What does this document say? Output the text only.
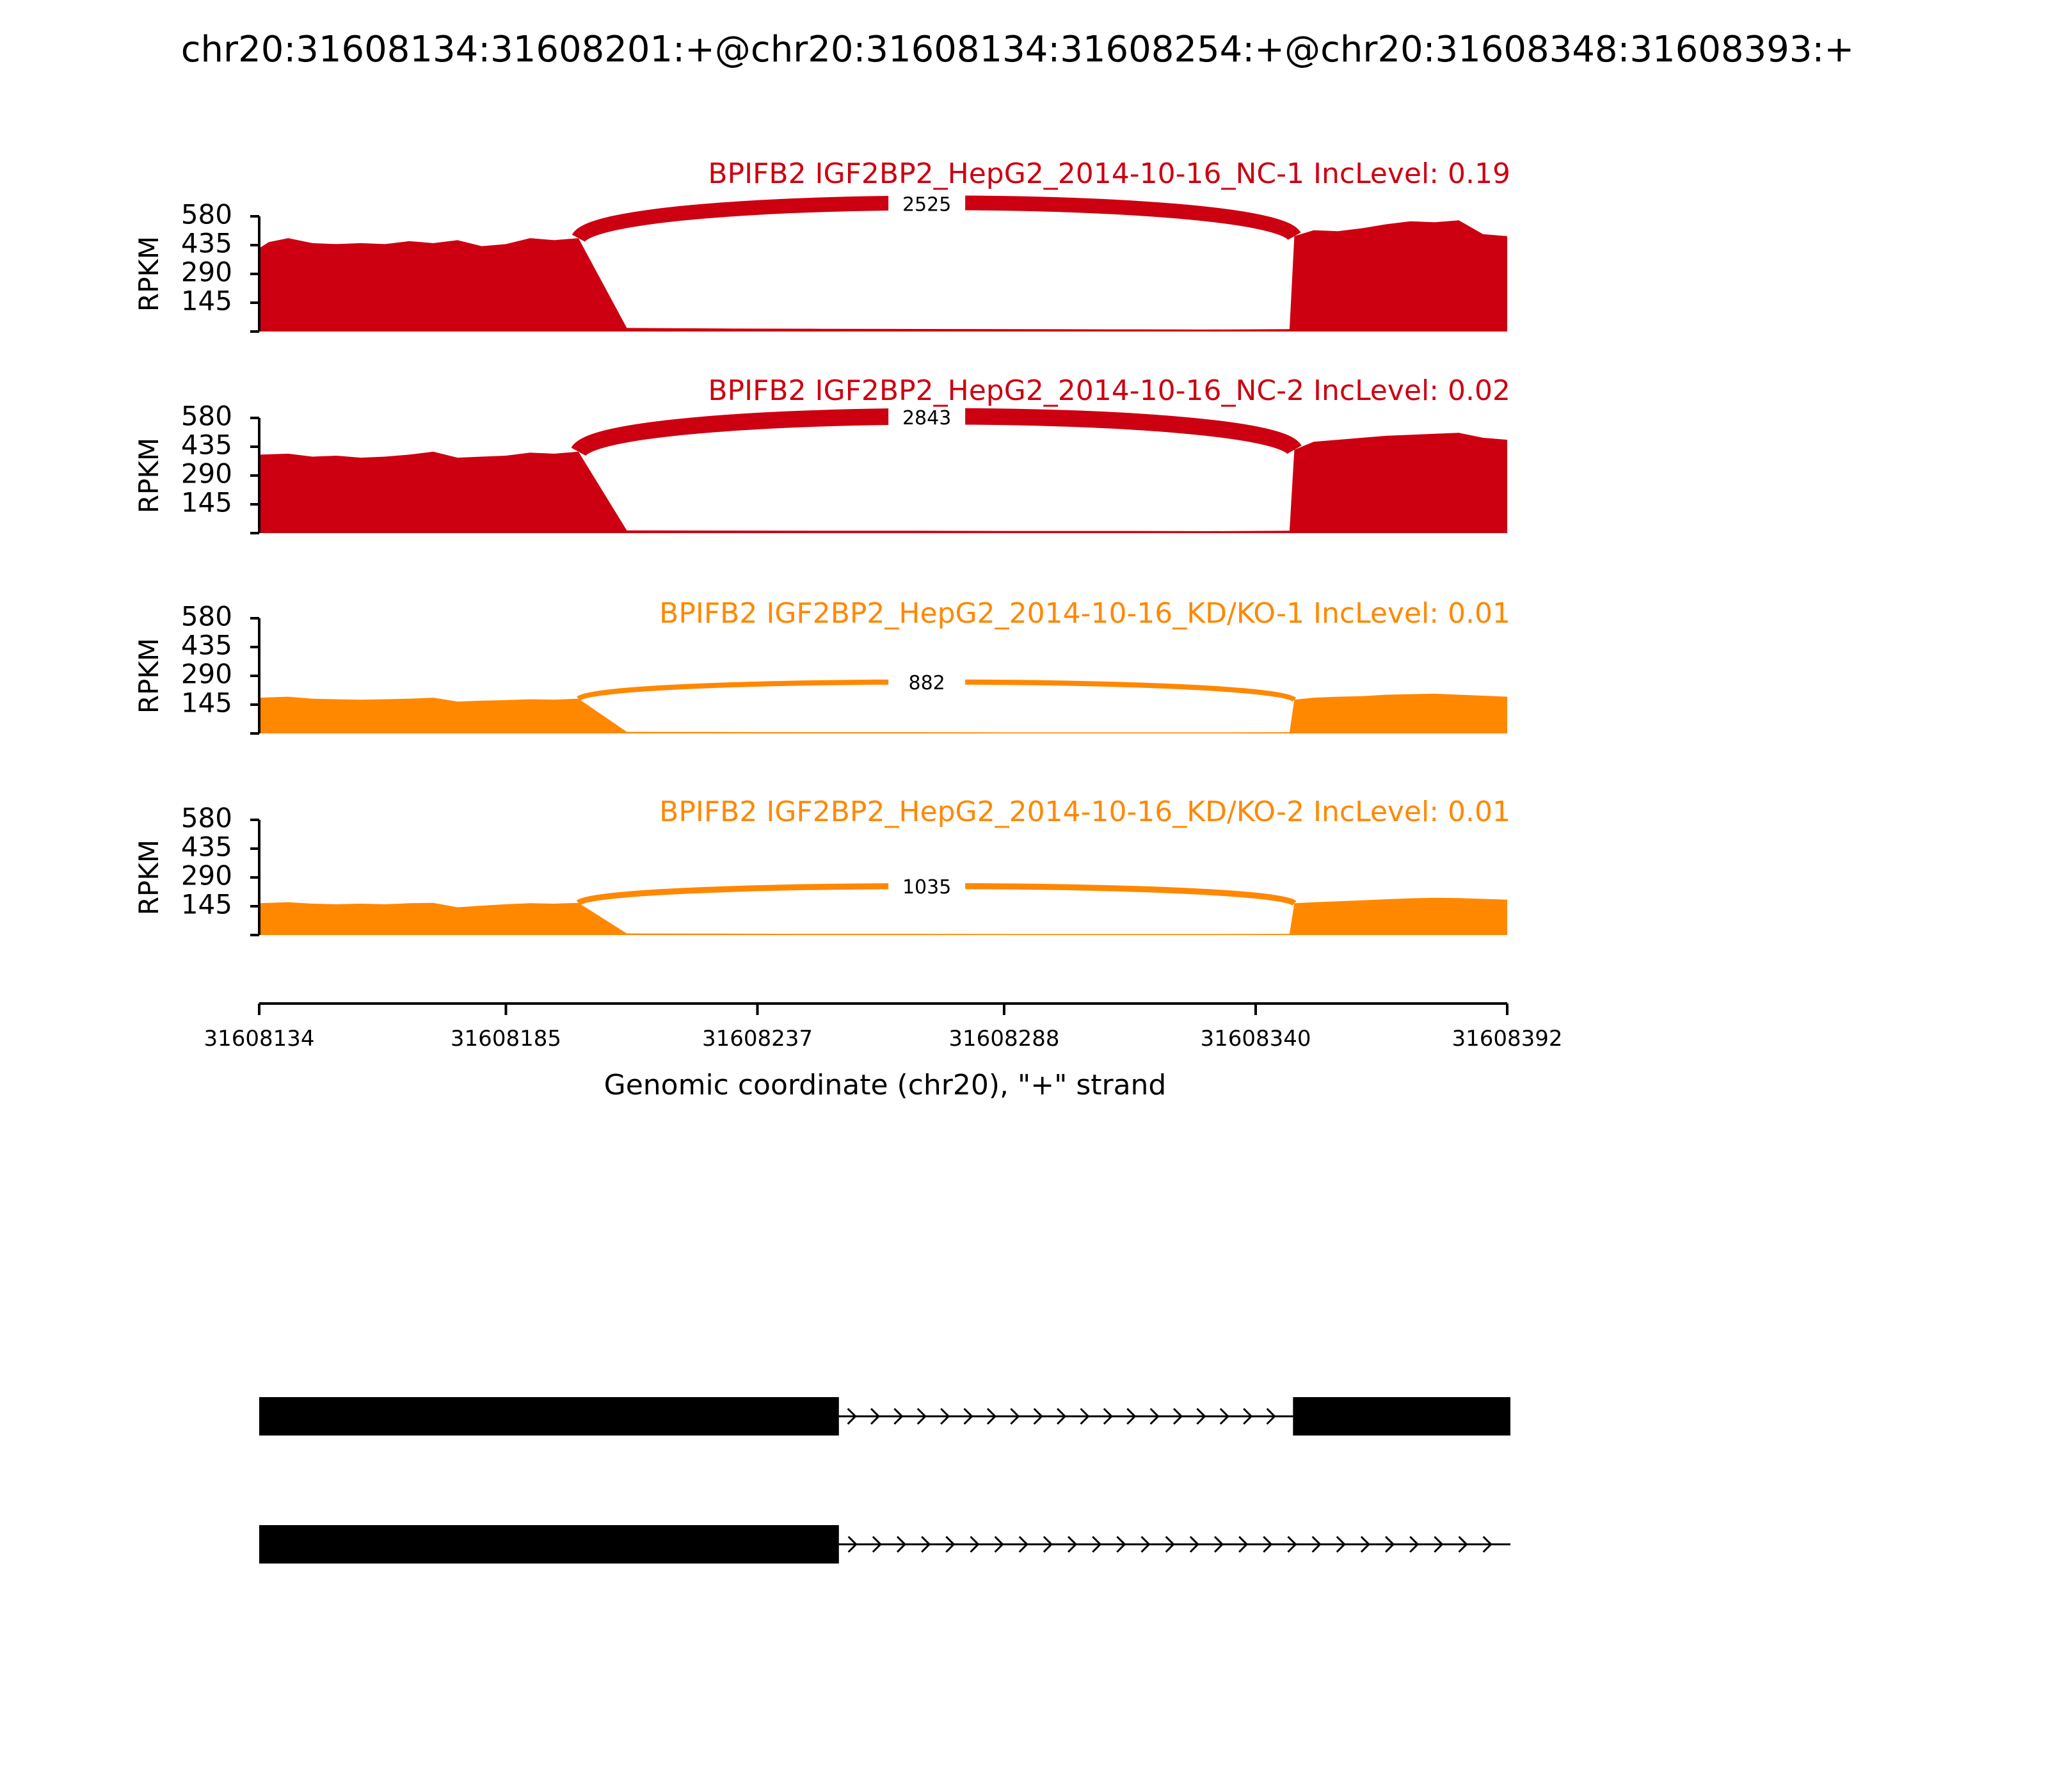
chr20:31608134:31608201:+@chr20:31608134:31608254:+@chr20:31608348:31608393:+
2525
145
290
435
580
RPKM
BPIFB2 IGF2BP2_HepG2_2014-10-16_NC-1 IncLevel: 0.19
2843
145
290
435
580
RPKM
BPIFB2 IGF2BP2_HepG2_2014-10-16_NC-2 IncLevel: 0.02
882
145
290
435
580
RPKM
BPIFB2 IGF2BP2_HepG2_2014-10-16_KD/KO-1 IncLevel: 0.01
1035
145
290
435
580
RPKM
BPIFB2 IGF2BP2_HepG2_2014-10-16_KD/KO-2 IncLevel: 0.01
31608134	31608185	31608237	31608288	31608340	31608392
Genomic coordinate (chr20), "+" strand
